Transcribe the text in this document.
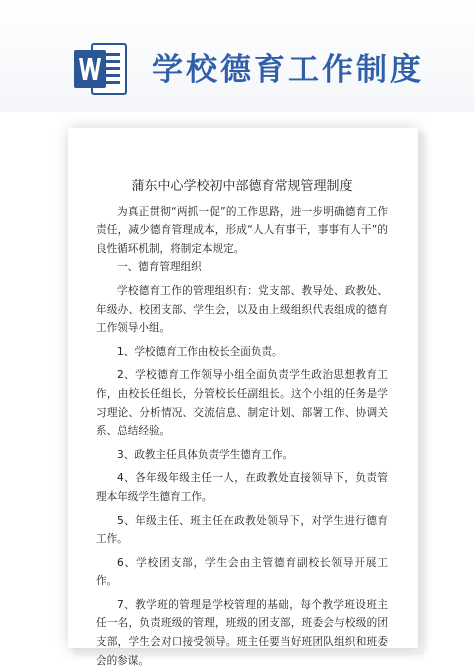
学校德育工作制度
蒲东中心学校初中部德育常规管理制度

为真正贯彻“两抓一促”的工作思路，进一步明确德育工作责任，减少德育管理成本，形成“人人有事干，事事有人干”的良性循环机制，将制定本规定。

一、德育管理组织

学校德育工作的管理组织有：党支部、教导处、政教处、年级办、校团支部、学生会，以及由上级组织代表组成的德育工作领导小组。

1、学校德育工作由校长全面负责。

2、学校德育工作领导小组全面负责学生政治思想教育工作，由校长任组长，分管校长任副组长。这个小组的任务是学习理论、分析情况、交流信息、制定计划、部署工作、协调关系、总结经验。

3、政教主任具体负责学生德育工作。

4、各年级年级主任一人，在政教处直接领导下，负责管理本年级学生德育工作。

5、年级主任、班主任在政教处领导下，对学生进行德育工作。

6、学校团支部，学生会由主管德育副校长领导开展工作。

7、教学班的管理是学校管理的基础，每个教学班设班主任一名，负责班级的管理，班级的团支部，班委会与校级的团支部，学生会对口接受领导。班主任要当好班团队组织和班委会的参谋。
